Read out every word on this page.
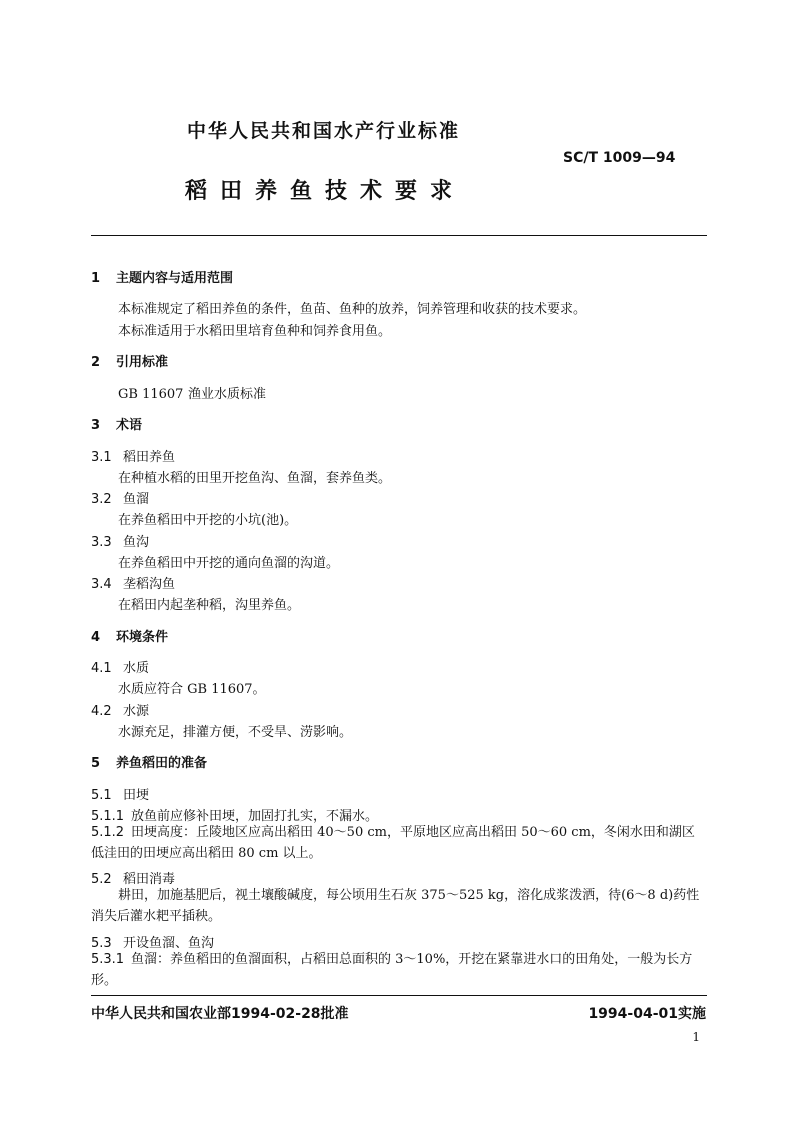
中华人民共和国水产行业标准
SC/T 1009—94
稻田养鱼技术要求
1 主题内容与适用范围
本标准规定了稻田养鱼的条件，鱼苗、鱼种的放养，饲养管理和收获的技术要求。
本标准适用于水稻田里培育鱼种和饲养食用鱼。
2 引用标准
GB 11607 渔业水质标准
3 术语
3.1 稻田养鱼
在种植水稻的田里开挖鱼沟、鱼溜，套养鱼类。
3.2 鱼溜
在养鱼稻田中开挖的小坑(池)。
3.3 鱼沟
在养鱼稻田中开挖的通向鱼溜的沟道。
3.4 垄稻沟鱼
在稻田内起垄种稻，沟里养鱼。
4 环境条件
4.1 水质
水质应符合 GB 11607。
4.2 水源
水源充足，排灌方便，不受旱、涝影响。
5 养鱼稻田的准备
5.1 田埂
5.1.1 放鱼前应修补田埂，加固打扎实，不漏水。
5.1.2 田埂高度：丘陵地区应高出稻田 40～50 cm，平原地区应高出稻田 50～60 cm，冬闲水田和湖区低洼田的田埂应高出稻田 80 cm 以上。
5.2 稻田消毒
耕田，加施基肥后，视土壤酸碱度，每公顷用生石灰 375～525 kg，溶化成浆泼洒，待(6～8 d)药性消失后灌水耙平插秧。
5.3 开设鱼溜、鱼沟
5.3.1 鱼溜：养鱼稻田的鱼溜面积，占稻田总面积的 3～10%，开挖在紧靠进水口的田角处，一般为长方形。
中华人民共和国农业部1994-02-28批准	1994-04-01实施
1
